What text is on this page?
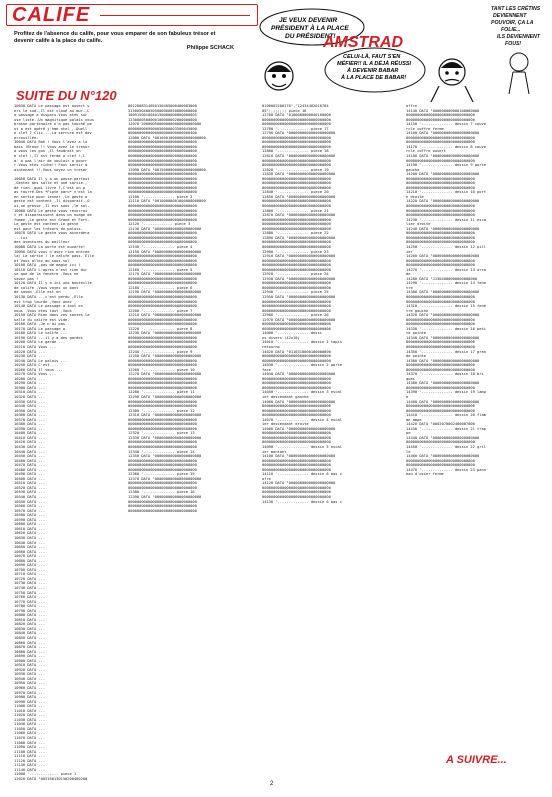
CALIFE
Profitez de l'absence du calife, pour vous emparer de son fabuleux trésor et devenir calife à la place du calife.
Philippe SCHACK
SUITE DU N°120
JE VEUX DEVENIR PRÉSIDENT À LA PLACE DU PRÉSIDENT!
CELUI-LÀ, FAUT S'EN MÉFIER!! IL A DÉJÀ RÉUSSI À DEVENIR BABAR À LA PLACE DE BABAR!
TANT LES CRÉTINS DEVIENNENT POUVOIR, ÇA LA FOLIE... ILS DEVIENNENT FOUS!
AMSTRAD
10030 DATA Le passage est ouvert v
ers le sud.,Il est cloué au mur.,L
a passage a disparu.Vous etes sur
use liste.,Un magnifique palais vous
brasse partenaire n'a pas touché pe
ut a est opéré j'hme ntel ,-Quell
e clef ? Clic...,La serrure est dev
errouillée.
10040 DATA Bah ! Vous l'avez a la
bais !Bravo !! Vous avez le tresor
a vous les gus ,Il faudrait un
e clef !,Il est ferme a clef !,L
a' a pas l'air de vouloir a pourr
r.Vous etes riche!! Faut sortir m
aintenant !!,Vous voyez un tresor
.
10050 DATA Il y a un passe-partout
,Gentes des salle et une sortie.,
de rien.-quoi livre ?,C'est un p
as fourré.Des *Fipte paru* n'est la
en sortie pour lenner ,Le geste a
geste est content ,Il disparait.,O
ui,ne grosse ,Il est sous ,le sol.
10060 DATA Le geste vous reverrai
t et disparaissent dans un nuage de
fumee.,Le geste est Grand et Fort.
Le geste est content,Le geste
est pour les trésors du palais.
10070 DATA Le geste vous accordera
...Lui
des aventures du meilleur
10080 DATA La porte est ouverte!
10090 DATA vous n'avez rien entree
la! La sortie ! le calife pass. Elle
et Vous allez au sous-sol
10100 DATA ,pas de magie ici !
10110 DATA L'apres n'est rien dir
se que de la fenetre ,Vous ne
savez pas !
10120 DATA Il y a ici une bouteille
de calife ,Vous voyez un bont
de savon ,Elle est un
10130 DATA ...c'est perdu ,Elle
est trop lourde ,Vous avez ,
10140 DATA Le passage a tout en
nous ,Vous etes tout ,Vous
10150 DATA Rien dans ces soutes la
salle du calife est vide.
10160 DATA ,Je n'ai pas .
10170 DATA Le passage a
10180 DATA Le calife ...
10190 DATA ...il y a des gardes
10200 DATA Le garde ...
10210 DATA Vous ...
10220 DATA ...
10230 DATA ...
10240 DATA Le palais ...
10250 DATA C'est ...
10260 DATA Il vous ...
10270 DATA Vous ...
10280 DATA ...
10290 DATA ...
10300 DATA ...
10310 DATA ...
10320 DATA ...
10330 DATA ...
10340 DATA ...
10350 DATA ...
10360 DATA ...
10370 DATA ...
10380 DATA ...
10390 DATA ...
10400 DATA ...
10410 DATA ...
10420 DATA ...
10430 DATA ...
10440 DATA ...
10450 DATA ...
10460 DATA ...
10470 DATA ...
10480 DATA ...
10490 DATA ...
10500 DATA ...
10510 DATA ...
10520 DATA ...
10530 DATA ...
10540 DATA ...
10550 DATA ...
10560 DATA ...
10570 DATA ...
10580 DATA ...
10590 DATA ...
10600 DATA ...
10610 DATA ...
10620 DATA ...
10630 DATA ...
10640 DATA ...
10650 DATA ...
10660 DATA ...
10670 DATA ...
10680 DATA ...
10690 DATA ...
10700 DATA ...
10710 DATA ...
10720 DATA ...
10730 DATA ...
10740 DATA ...
10750 DATA ...
10760 DATA ...
10770 DATA ...
10780 DATA ...
10790 DATA ...
10800 DATA ...
10810 DATA ...
10820 DATA ...
10830 DATA ...
10840 DATA ...
10850 DATA ...
10860 DATA ...
10870 DATA ...
10880 DATA ...
10890 DATA ...
10900 DATA ...
10910 DATA ...
10920 DATA ...
10930 DATA ...
10940 DATA ...
10950 DATA ...
10960 DATA ...
10970 DATA ...
10980 DATA ...
10990 DATA ...
11000 DATA ...
11010 DATA ...
11020 DATA ...
11030 DATA ...
11040 DATA ...
11050 DATA ...
11060 DATA ...
11070 DATA ...
11080 DATA ...
11090 DATA ...
11100 DATA ...
11110 DATA ...
11120 DATA ...
11130 DATA ...
11140 DATA ...
12000 '------------- piece 1
12020 DATA "003160130150200480200
8012808314050150405000400083000
3150050400505000060050800000000
1809150010040150000000800000005
1230000500000100000002000000000
12070'200000500000000000000000000
0000000009000050000003500045000
0000000000000000000000000000400
12080 DATA "00160010000000000000000
0000000000000000000000000000000
0000000000000000000000000000000
0000000000000000000000000000000
0000000000000000000000000000000
0000000000000000000000000000000
0000000000000000000000000000000
12090 DATA "00150000000000000000000
0000000000000000000000000000000
0000000000000000000000000000000
0000000000000000000000000000000
0000000000000000000000000000000
0000000000000000000000000000000
12100 '-------------- piece 2
12110 DATA "00100008001000000000000
0000000000000000000000000000000
0000000000000000000000000000000
0000000000000000000000000000000
0000000000000000000000000000000
12120 '------------- piece 3
12130 DATA "000000000000000000000
0000000000000000000000000000000
0000000000000000000000000000000
0000000000000000000000000000000
12140 '-------------- piece 4
12150 DATA "000000000000000000000
0000000000000000000000000000000
0000000000000000000000000000000
0000000000000000000000000000000
12160 '-------------- piece 5
12170 DATA "000000000000000000000
0000000000000000000000000000000
0000000000000000000000000000000
12180 '-------------- piece 6
12190 DATA "000000000000000000000
0000000000000000000000000000000
0000000000000000000000000000000
0000000000000000000000000000000
12200 '-------------- piece 7
12210 DATA "000000000000000000000
0000000000000000000000000000000
0000000000000000000000000000000
12220 '-------------- piece 8
12230 DATA "000000000000000000000
0000000000000000000000000000000
0000000000000000000000000000000
0000000000000000000000000000000
12240 '-------------- piece 9
12250 DATA "000000000000000000000
0000000000000000000000000000000
0000000000000000000000000000000
12260 '-------------- piece 10
12270 DATA "000000000000000000000
0000000000000000000000000000000
0000000000000000000000000000000
0000000000000000000000000000000
12280 '-------------- piece 11
12290 DATA "000000000000000000000
0000000000000000000000000000000
0000000000000000000000000000000
12300 '-------------- piece 12
12310 DATA "000000000000000000000
0000000000000000000000000000000
0000000000000000000000000000000
0000000000000000000000000000000
12320 '-------------- piece 13
12330 DATA "000000000000000000000
0000000000000000000000000000000
0000000000000000000000000000000
12340 '-------------- piece 14
12350 DATA "000000000000000000000
0000000000000000000000000000000
0000000000000000000000000000000
0000000000000000000000000000000
12360 '-------------- piece 15
12370 DATA "000000000000000000000
0000000000000000000000000000000
0000000000000000000000000000000
12380 '-------------- piece 16
12390 DATA "000000000000000000000
0000000000000000000000000000000
0000000000000000000000000000000
0000000000000000000000000000000
0106002200270","12434402010784
05";,;;;;;; piece 16
12760 DATA "0100000000040100000
0000000000000000000000000000000
0000000000000000000000000000000
12780 '-------------- piece 17
12790 DATA "000000000000000000000
0000000000000000000000000000000
0000000000000000000000000000000
0000000000000000000000000000000
12800 '-------------- piece 18
12810 DATA "000000000000000000000
0000000000000000000000000000000
0000000000000000000000000000000
12820 '-------------- piece 19
12830 DATA "000000000000000000000
0000000000000000000000000000000
0000000000000000000000000000000
0000000000000000000000000000000
12840 '-------------- piece 20
12850 DATA "000000000000000000000
0000000000000000000000000000000
0000000000000000000000000000000
12860 '-------------- piece 21
12870 DATA "000000000000000000000
0000000000000000000000000000000
0000000000000000000000000000000
0000000000000000000000000000000
12880 '-------------- piece 22
12890 DATA "000000000000000000000
0000000000000000000000000000000
0000000000000000000000000000000
12900 '-------------- piece 23
12910 DATA "000000000000000000000
0000000000000000000000000000000
0000000000000000000000000000000
0000000000000000000000000000000
12920 '-------------- piece 24
12930 DATA "000000000000000000000
0000000000000000000000000000000
0000000000000000000000000000000
12940 '-------------- piece 25
12950 DATA "000000000000000000000
0000000000000000000000000000000
0000000000000000000000000000000
0000000000000000000000000000000
12960 '-------------- piece 26
12970 DATA "000000000000000000000
0000000000000000000000000000000
0000000000000000000000000000000
14000 '-------------- dessi
ns divers (42x10)
14010 '-------------- dessin 1 tapis
retourne
14020 DATA "0110310000100000000
0000000000000000000000000000000
0000000000000000000000000000000
14030 '-------------- dessin 2 porte
face
14040 DATA "000000000000000000000
0000000000000000000000000000000
0000000000000000000000000000000
0000000000000000000000000000000
14050 '-------------- dessin 3 escal
ier descendant gauche
14060 DATA "000000000000000000000
0000000000000000000000000000000
0000000000000000000000000000000
0000000000000000000000000000000
14070 '-------------- dessin 4 escal
ier descendant droite
14080 DATA "000000000000000000000
0000000000000000000000000000000
0000000000000000000000000000000
0000000000000000000000000000000
14090 '-------------- dessin 5 escal
ier montant
14100 DATA "000000000000000000000
0000000000000000000000000000000
0000000000000000000000000000000
0000000000000000000000000000000
14110 '-------------- dessin 6 bas c
ofre
14120 DATA "000000000000000000000
0000000000000000000000000000000
0000000000000000000000000000000
0000000000000000000000000000000
14130 '-------------- dessin 6 bas c
offre
14140 DATA "000000000000100060000
0000000000000000000000000000000
0000000000000000000000000000000
14150 '-------------- dessin 7 couve
rcle coffre ferme
14160 DATA "000000000000000000000
0000000000000000000000000000000
0000000000000000000000000000000
14170 '-------------- dessin 8 couve
rcle coffre ouvert
14180 DATA "000000000000000000000
0000000000000000000000000000000
14190 '-------------- dessin 9 porte
gauche
14200 DATA "000000000000000000000
0000000000000000000000000000000
0000000000000000000000000000000
0000000000000000000000000000000
14210 '-------------- dessin 10 port
e droite
14220 DATA "000000000000000000000
0000000000000000000000000000000
0000000000000000000000000000000
0000000000000000000000000000000
14230 '-------------- dessin 11 esca
lier droite
14240 DATA "000000000000000000000
0000000000000000000000000000000
0000000000000000000000000000000
0000000000000000000000000000000
14250 '-------------- dessin 12 pill
ier
14260 DATA "000000000000000000000
0000000000000000000000000000000
0000000000000000000000000000000
14270 '-------------- dessin 13 arca
de
14280 DATA "J1504000000000000000
14290 '-------------- dessin 14 fene
tre
14300 DATA "000000000000000000000
0000000000000000000000000000000
0000000000000000000000000000000
14310 '-------------- dessin 15 fene
tre gauche
14320 DATA "000000000000000000000
0000000000000000000000000000000
0000000000000000000000000000000
14330 '-------------- dessin 16 peti
te pointe
14340 DATA "000000000000000000000
0000000000000000000000000000000
0000000000000000000000000000000
14350 '-------------- dessin 17 gran
de pointe
14360 DATA "000000000000000000000
0000000000000000000000000000000
0000000000000000000000000000000
14370 '-------------- dessin 18 bri
ques
14380 DATA "000000000000000000000
0000000000000000000000000000000
14390 '-------------- dessin 19 lamp
e
14400 DATA "000000000000000000000
0000000000000000000000000000000
0000000000000000000000000000000
14410 '-------------- dessin 20 flam
me ampe
14420 DATA "0002070002400007000
14430 '-------------- dessin 21 trap
pe
14440 DATA "000000000000000000000
0000000000000000000000000000000
14450 '-------------- dessin 22 gril
le
14460 DATA "000000000000000000000
0000000000000000000000000000000
0000000000000000000000000000000
14470 '-------------- dessin 23 pann
eau d'ocier ferme
A SUIVRE...
2
